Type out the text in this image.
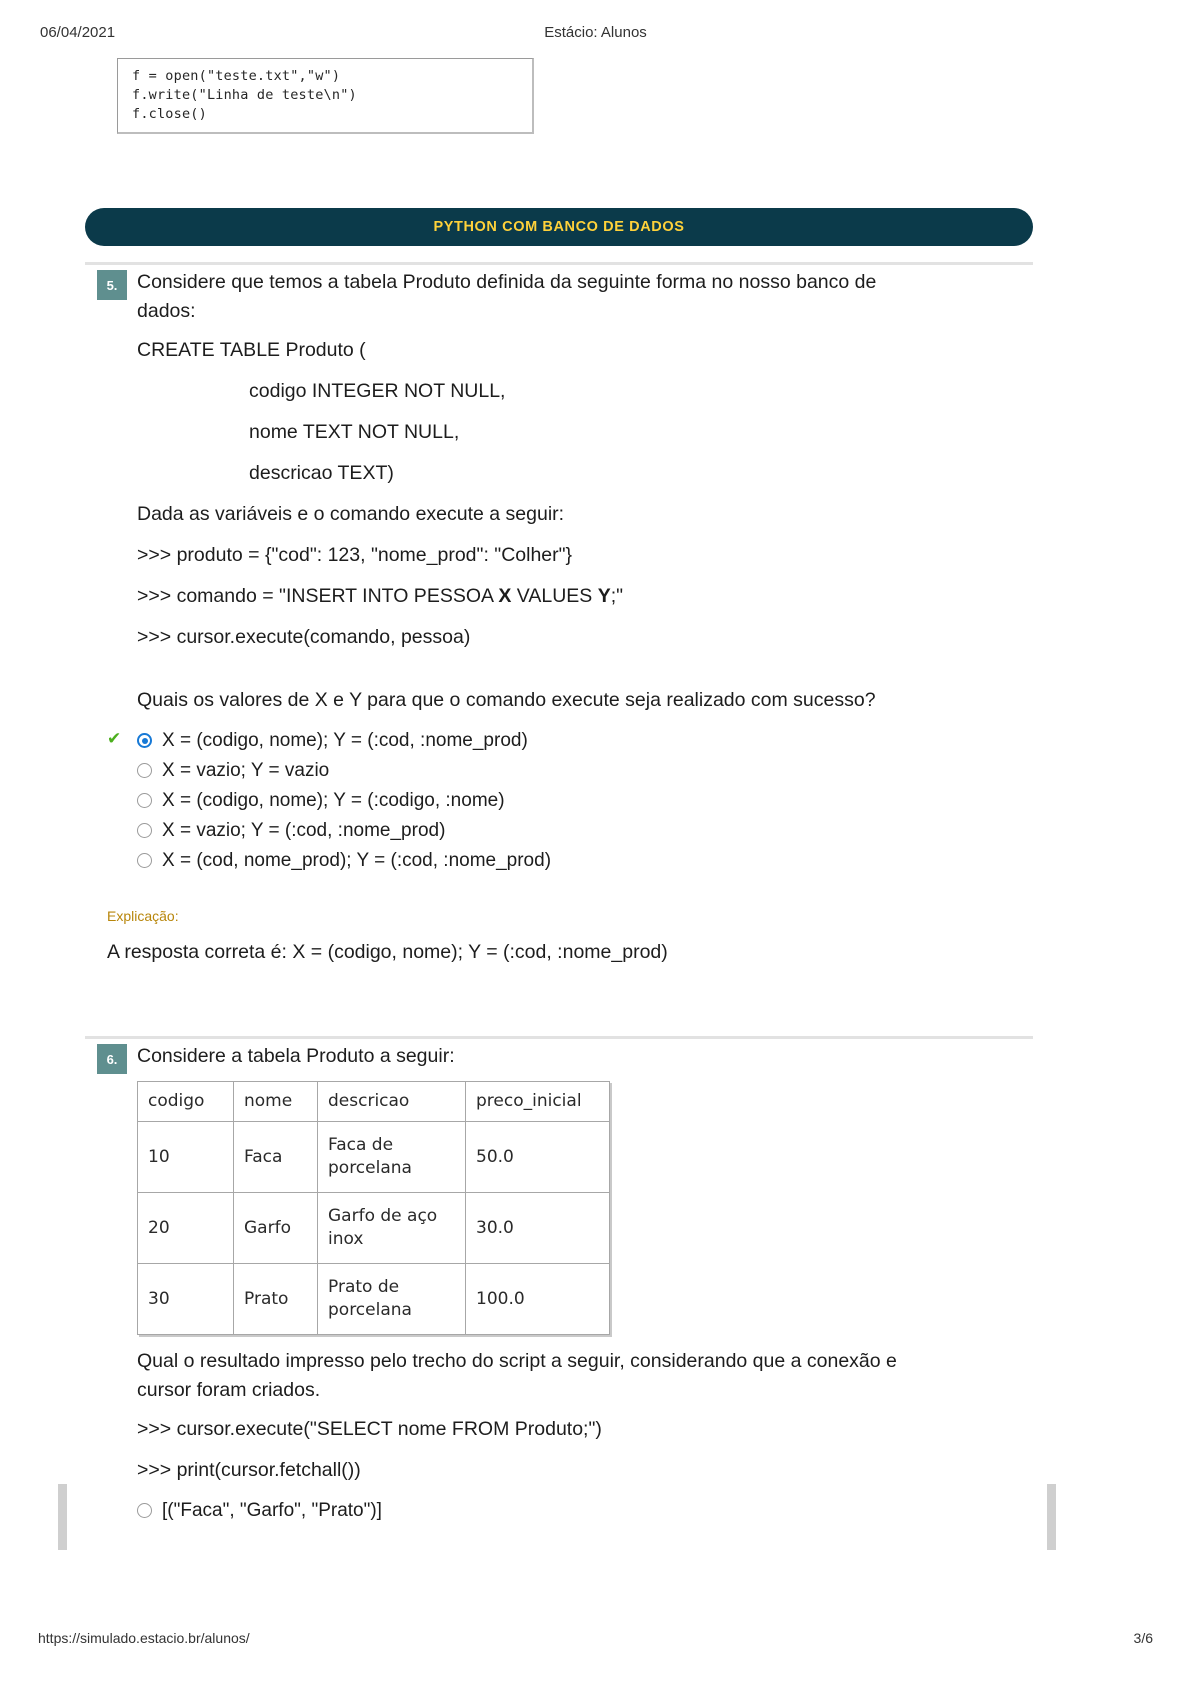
06/04/2021	Estácio: Alunos
f = open("teste.txt","w")
f.write("Linha de teste\n")
f.close()
PYTHON COM BANCO DE DADOS
5.	Considere que temos a tabela Produto definida da seguinte forma no nosso banco de
dados:

CREATE TABLE Produto (

codigo INTEGER NOT NULL,

nome TEXT NOT NULL,

descricao TEXT)

Dada as variáveis e o comando execute a seguir:

>>> produto = {"cod": 123, "nome_prod": "Colher"}

>>> comando = "INSERT INTO PESSOA X VALUES Y;"

>>> cursor.execute(comando, pessoa)

Quais os valores de X e Y para que o comando execute seja realizado com sucesso?

✔ X = (codigo, nome); Y = (:cod, :nome_prod)
X = vazio; Y = vazio
X = (codigo, nome); Y = (:codigo, :nome)
X = vazio; Y = (:cod, :nome_prod)
X = (cod, nome_prod); Y = (:cod, :nome_prod)
Explicação:
A resposta correta é: X = (codigo, nome); Y = (:cod, :nome_prod)
6.	Considere a tabela Produto a seguir:

codigo	nome	descricao	preco_inicial
10	Faca	Faca de porcelana	50.0
20	Garfo	Garfo de aço inox	30.0
30	Prato	Prato de porcelana	100.0

Qual o resultado impresso pelo trecho do script a seguir, considerando que a conexão e
cursor foram criados.

>>> cursor.execute("SELECT nome FROM Produto;")

>>> print(cursor.fetchall())

[("Faca", "Garfo", "Prato")]
https://simulado.estacio.br/alunos/	3/6
